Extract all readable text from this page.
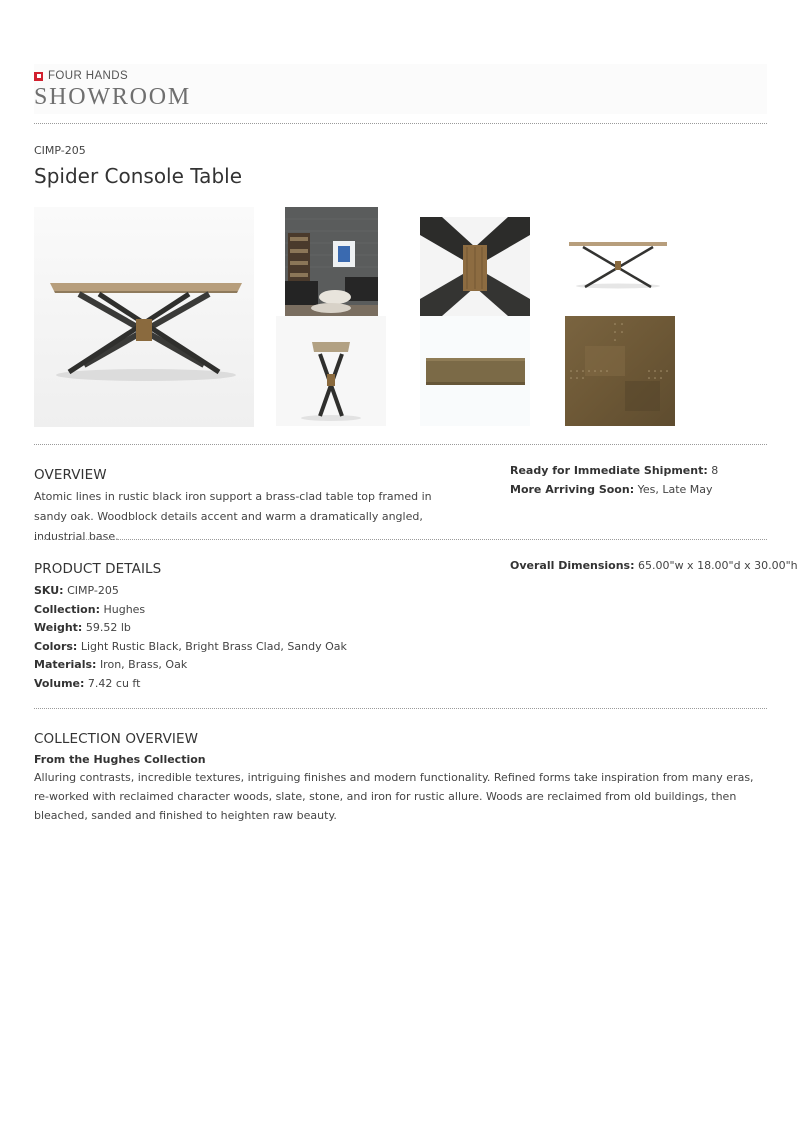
FOUR HANDS
SHOWROOM
CIMP-205
Spider Console Table
OVERVIEW
Atomic lines in rustic black iron support a brass-clad table top framed in sandy oak. Woodblock details accent and warm a dramatically angled, industrial base.
Ready for Immediate Shipment: 8
More Arriving Soon: Yes, Late May
PRODUCT DETAILS
SKU: CIMP-205
Collection: Hughes
Weight: 59.52 lb
Colors: Light Rustic Black, Bright Brass Clad, Sandy Oak
Materials: Iron, Brass, Oak
Volume: 7.42 cu ft
Overall Dimensions: 65.00"w x 18.00"d x 30.00"h
COLLECTION OVERVIEW
From the Hughes Collection
Alluring contrasts, incredible textures, intriguing finishes and modern functionality. Refined forms take inspiration from many eras, re-worked with reclaimed character woods, slate, stone, and iron for rustic allure. Woods are reclaimed from old buildings, then bleached, sanded and finished to heighten raw beauty.
